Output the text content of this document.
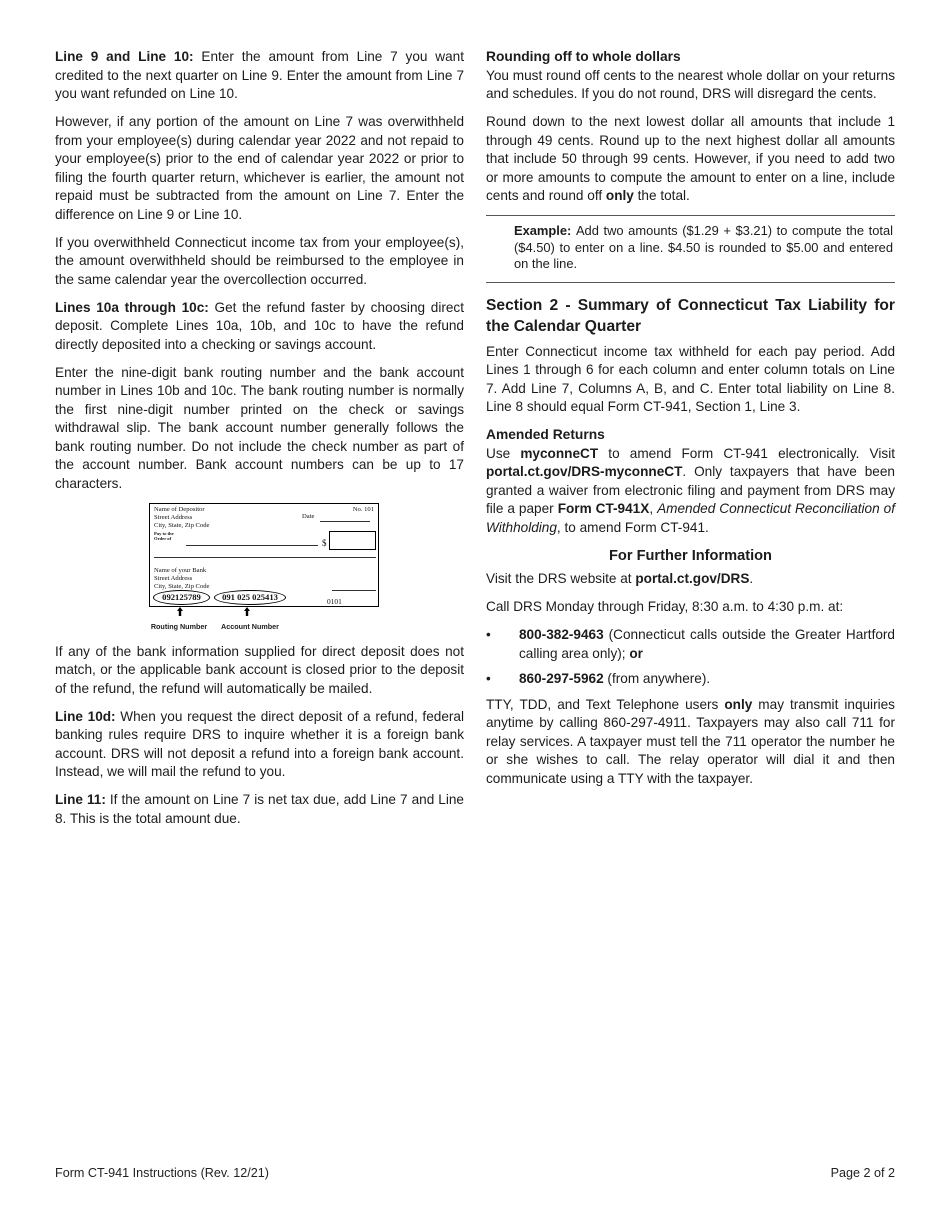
Line 9 and Line 10: Enter the amount from Line 7 you want credited to the next quarter on Line 9. Enter the amount from Line 7 you want refunded on Line 10.

However, if any portion of the amount on Line 7 was overwithheld from your employee(s) during calendar year 2022 and not repaid to your employee(s) prior to the end of calendar year 2022 or prior to filing the fourth quarter return, whichever is earlier, the amount not repaid must be subtracted from the amount on Line 7. Enter the difference on Line 9 or Line 10.

If you overwithheld Connecticut income tax from your employee(s), the amount overwithheld should be reimbursed to the employee in the same calendar year the overcollection occurred.

Lines 10a through 10c: Get the refund faster by choosing direct deposit. Complete Lines 10a, 10b, and 10c to have the refund directly deposited into a checking or savings account.

Enter the nine-digit bank routing number and the bank account number in Lines 10b and 10c. The bank routing number is normally the first nine-digit number printed on the check or savings withdrawal slip. The bank account number generally follows the bank routing number. Do not include the check number as part of the account number. Bank account numbers can be up to 17 characters.

Name of Depositor
Street Address
City, State, Zip Code
Pay to the
Order of
No. 101
Date
$
Name of your Bank
Street Address
City, State, Zip Code
092125789	091 025 025413	0101
Routing Number	Account Number

If any of the bank information supplied for direct deposit does not match, or the applicable bank account is closed prior to the deposit of the refund, the refund will automatically be mailed.

Line 10d: When you request the direct deposit of a refund, federal banking rules require DRS to inquire whether it is a foreign bank account. DRS will not deposit a refund into a foreign bank account. Instead, we will mail the refund to you.

Line 11: If the amount on Line 7 is net tax due, add Line 7 and Line 8. This is the total amount due.

Rounding off to whole dollars

You must round off cents to the nearest whole dollar on your returns and schedules. If you do not round, DRS will disregard the cents.

Round down to the next lowest dollar all amounts that include 1 through 49 cents. Round up to the next highest dollar all amounts that include 50 through 99 cents. However, if you need to add two or more amounts to compute the amount to enter on a line, include cents and round off only the total.

Example: Add two amounts ($1.29 + $3.21) to compute the total ($4.50) to enter on a line. $4.50 is rounded to $5.00 and entered on the line.
Section 2 - Summary of Connecticut Tax Liability for the Calendar Quarter

Enter Connecticut income tax withheld for each pay period. Add Lines 1 through 6 for each column and enter column totals on Line 7. Add Line 7, Columns A, B, and C. Enter total liability on Line 8. Line 8 should equal Form CT-941, Section 1, Line 3.

Amended Returns

Use myconneCT to amend Form CT-941 electronically. Visit portal.ct.gov/DRS-myconneCT. Only taxpayers that have been granted a waiver from electronic filing and payment from DRS may file a paper Form CT-941X, Amended Connecticut Reconciliation of Withholding, to amend Form CT-941.

For Further Information

Visit the DRS website at portal.ct.gov/DRS.

Call DRS Monday through Friday, 8:30 a.m. to 4:30 p.m. at:

•	800-382-9463 (Connecticut calls outside the Greater Hartford calling area only); or
•	860-297-5962 (from anywhere).

TTY, TDD, and Text Telephone users only may transmit inquiries anytime by calling 860-297-4911. Taxpayers may also call 711 for relay services. A taxpayer must tell the 711 operator the number he or she wishes to call. The relay operator will dial it and then communicate using a TTY with the taxpayer.

Form CT-941 Instructions (Rev. 12/21)	Page 2 of 2
